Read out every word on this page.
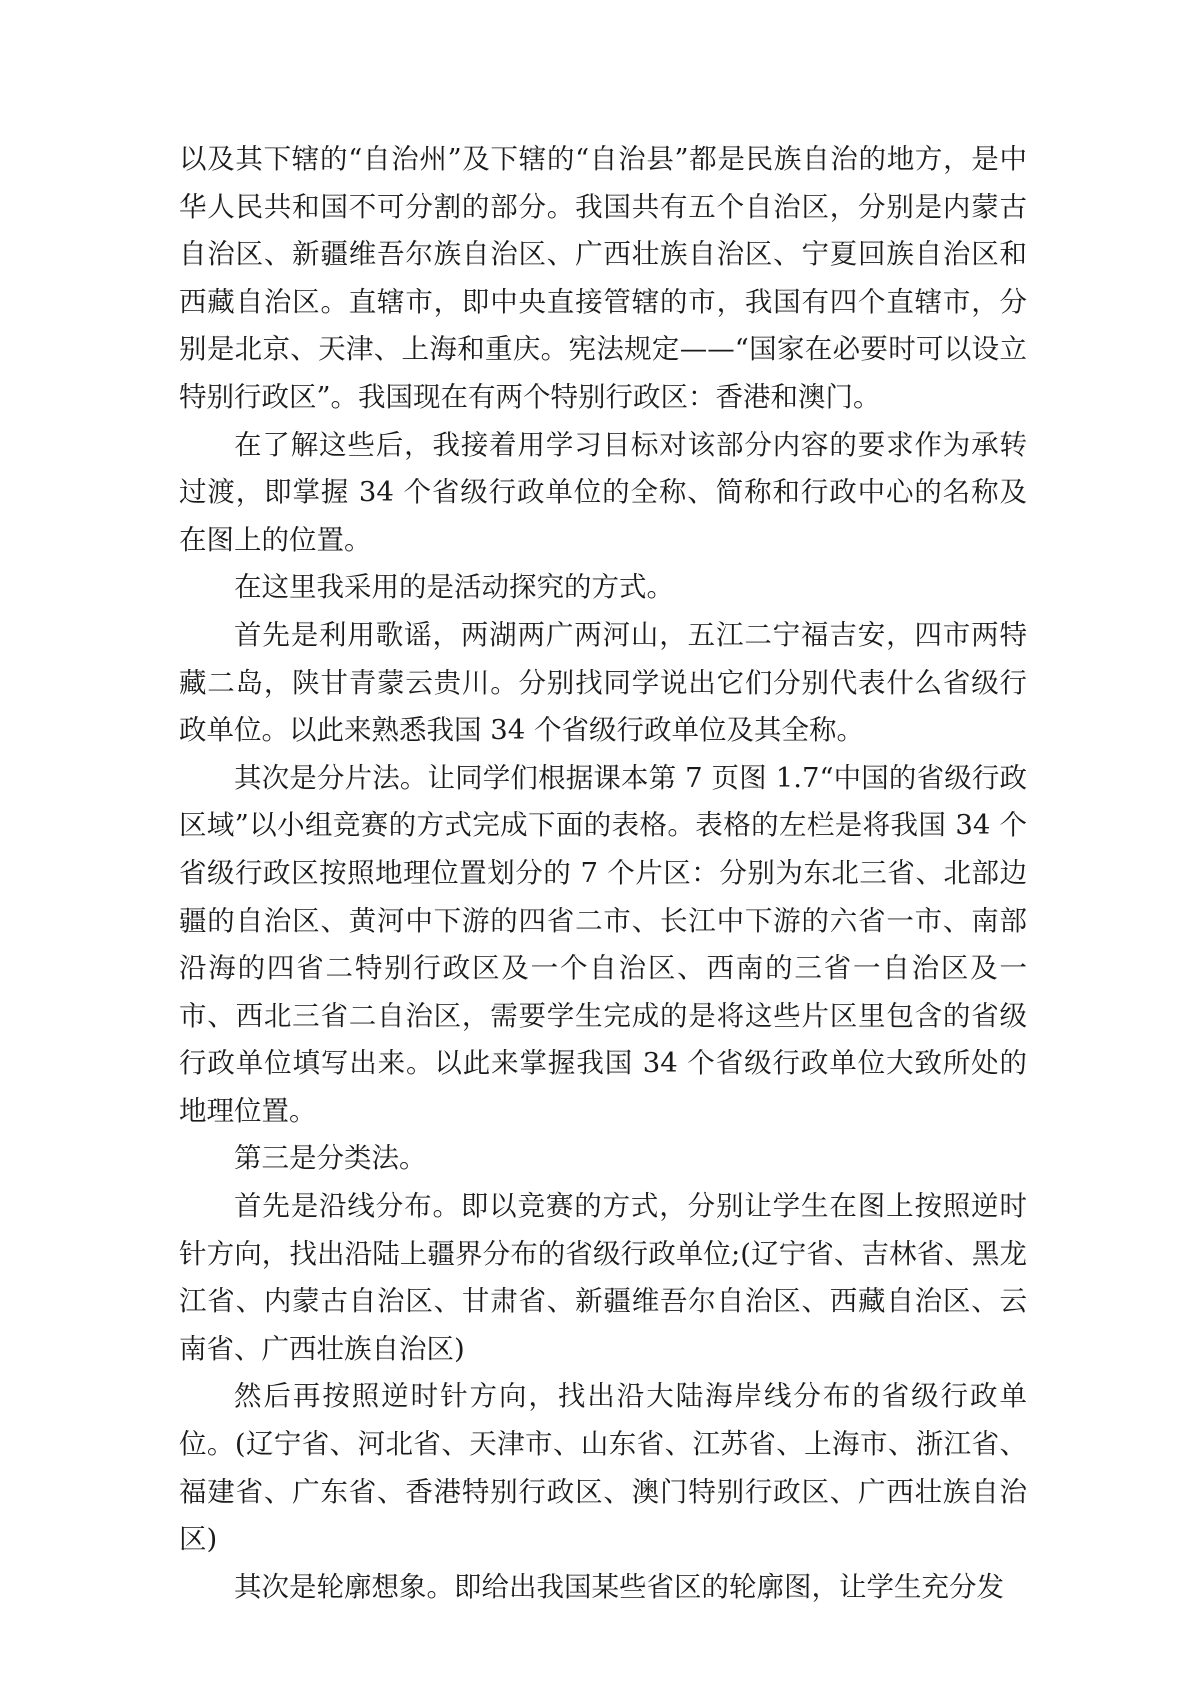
以及其下辖的“自治州”及下辖的“自治县”都是民族自治的地方，是中华人民共和国不可分割的部分。我国共有五个自治区，分别是内蒙古自治区、新疆维吾尔族自治区、广西壮族自治区、宁夏回族自治区和西藏自治区。直辖市，即中央直接管辖的市，我国有四个直辖市，分别是北京、天津、上海和重庆。宪法规定——“国家在必要时可以设立特别行政区”。我国现在有两个特别行政区：香港和澳门。

在了解这些后，我接着用学习目标对该部分内容的要求作为承转过渡，即掌握 34 个省级行政单位的全称、简称和行政中心的名称及在图上的位置。

在这里我采用的是活动探究的方式。

首先是利用歌谣，两湖两广两河山，五江二宁福吉安，四市两特藏二岛，陕甘青蒙云贵川。分别找同学说出它们分别代表什么省级行政单位。以此来熟悉我国 34 个省级行政单位及其全称。

其次是分片法。让同学们根据课本第 7 页图 1.7“中国的省级行政区域”以小组竞赛的方式完成下面的表格。表格的左栏是将我国 34 个省级行政区按照地理位置划分的 7 个片区：分别为东北三省、北部边疆的自治区、黄河中下游的四省二市、长江中下游的六省一市、南部沿海的四省二特别行政区及一个自治区、西南的三省一自治区及一市、西北三省二自治区，需要学生完成的是将这些片区里包含的省级行政单位填写出来。以此来掌握我国 34 个省级行政单位大致所处的地理位置。

第三是分类法。

首先是沿线分布。即以竞赛的方式，分别让学生在图上按照逆时针方向，找出沿陆上疆界分布的省级行政单位;(辽宁省、吉林省、黑龙江省、内蒙古自治区、甘肃省、新疆维吾尔自治区、西藏自治区、云南省、广西壮族自治区)

然后再按照逆时针方向，找出沿大陆海岸线分布的省级行政单位。(辽宁省、河北省、天津市、山东省、江苏省、上海市、浙江省、福建省、广东省、香港特别行政区、澳门特别行政区、广西壮族自治区)

其次是轮廓想象。即给出我国某些省区的轮廓图，让学生充分发
